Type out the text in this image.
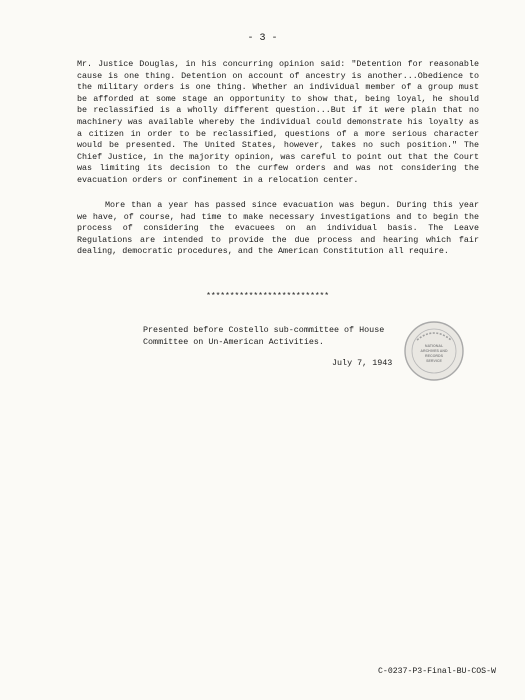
- 3 -

Mr. Justice Douglas, in his concurring opinion said: "Detention for reasonable cause is one thing. Detention on account of ancestry is another...Obedience to the military orders is one thing. Whether an individual member of a group must be afforded at some stage an opportunity to show that, being loyal, he should be reclassified is a wholly different question...But if it were plain that no machinery was available whereby the individual could demonstrate his loyalty as a citizen in order to be reclassified, questions of a more serious character would be presented. The United States, however, takes no such position." The Chief Justice, in the majority opinion, was careful to point out that the Court was limiting its decision to the curfew orders and was not considering the evacuation orders or confinement in a relocation center.

More than a year has passed since evacuation was begun. During this year we have, of course, had time to make necessary investigations and to begin the process of considering the evacuees on an individual basis. The Leave Regulations are intended to provide the due process and hearing which fair dealing, democratic procedures, and the American Constitution all require.

**************************

Presented before Costello sub-committee of House Committee on Un-American Activities.

July 7, 1943
NATIONAL
ARCHIVES AND
RECORDS
SERVICE
C-0237-P3-Final-BU-COS-W
